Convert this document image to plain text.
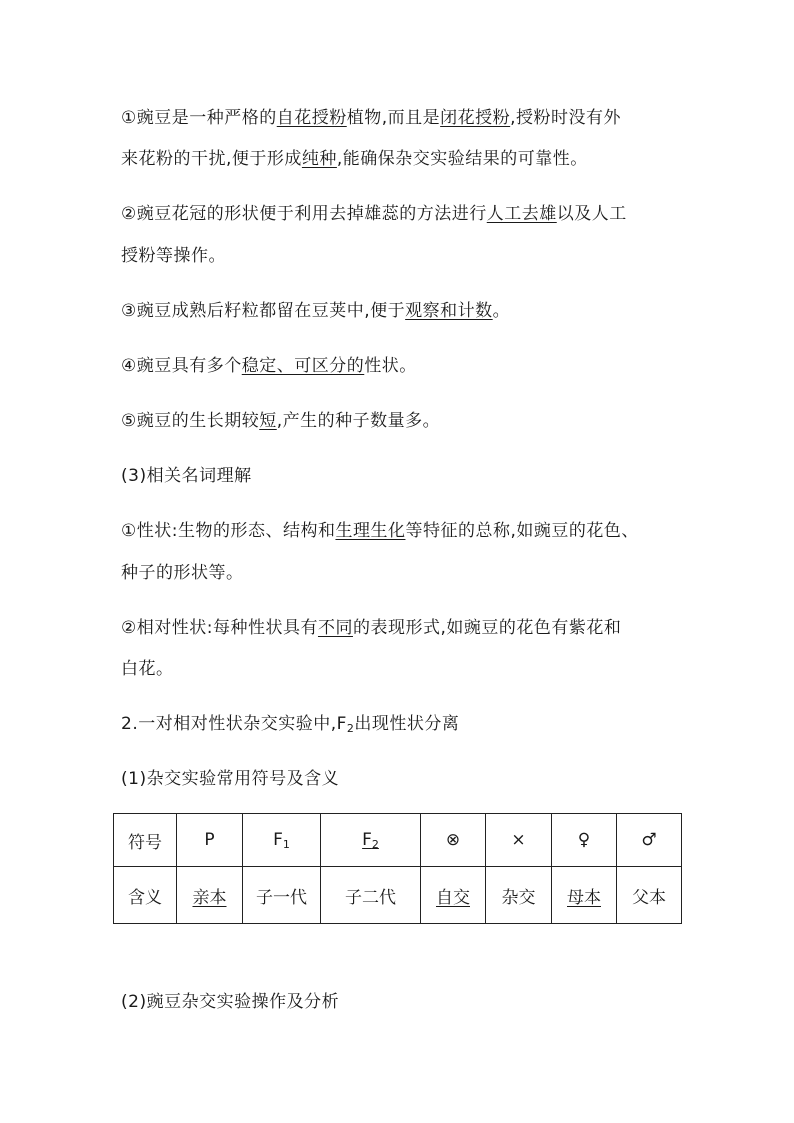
①豌豆是一种严格的自花授粉植物,而且是闭花授粉,授粉时没有外
来花粉的干扰,便于形成纯种,能确保杂交实验结果的可靠性。
②豌豆花冠的形状便于利用去掉雄蕊的方法进行人工去雄以及人工
授粉等操作。
③豌豆成熟后籽粒都留在豆荚中,便于观察和计数。
④豌豆具有多个稳定、可区分的性状。
⑤豌豆的生长期较短,产生的种子数量多。
(3)相关名词理解
①性状:生物的形态、结构和生理生化等特征的总称,如豌豆的花色、
种子的形状等。
②相对性状:每种性状具有不同的表现形式,如豌豆的花色有紫花和
白花。
2.一对相对性状杂交实验中$,F_2$出现性状分离
(1)杂交实验常用符号及含义
符号	P	$F_1$	$F_2$	⊗	×	♀	♂
含义	亲本	子一代	子二代	自交	杂交	母本	父本
(2)豌豆杂交实验操作及分析
